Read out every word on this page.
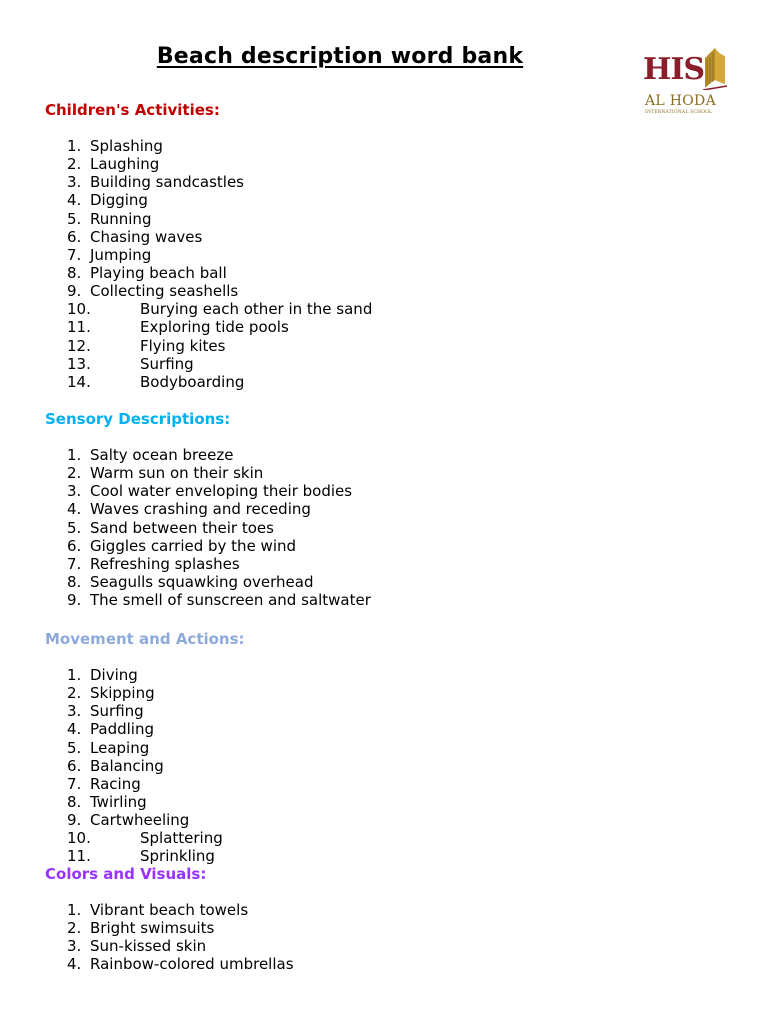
Beach description word bank	HIS
AL HODA
INTERNATIONAL SCHOOL
Children's Activities:
1. Splashing
2. Laughing
3. Building sandcastles
4. Digging
5. Running
6. Chasing waves
7. Jumping
8. Playing beach ball
9. Collecting seashells
10.	Burying each other in the sand
11.	Exploring tide pools
12.	Flying kites
13.	Surfing
14.	Bodyboarding
Sensory Descriptions:
1. Salty ocean breeze
2. Warm sun on their skin
3. Cool water enveloping their bodies
4. Waves crashing and receding
5. Sand between their toes
6. Giggles carried by the wind
7. Refreshing splashes
8. Seagulls squawking overhead
9. The smell of sunscreen and saltwater
Movement and Actions:
1. Diving
2. Skipping
3. Surfing
4. Paddling
5. Leaping
6. Balancing
7. Racing
8. Twirling
9. Cartwheeling
10.	Splattering
11.	Sprinkling
Colors and Visuals:
1. Vibrant beach towels
2. Bright swimsuits
3. Sun-kissed skin
4. Rainbow-colored umbrellas
